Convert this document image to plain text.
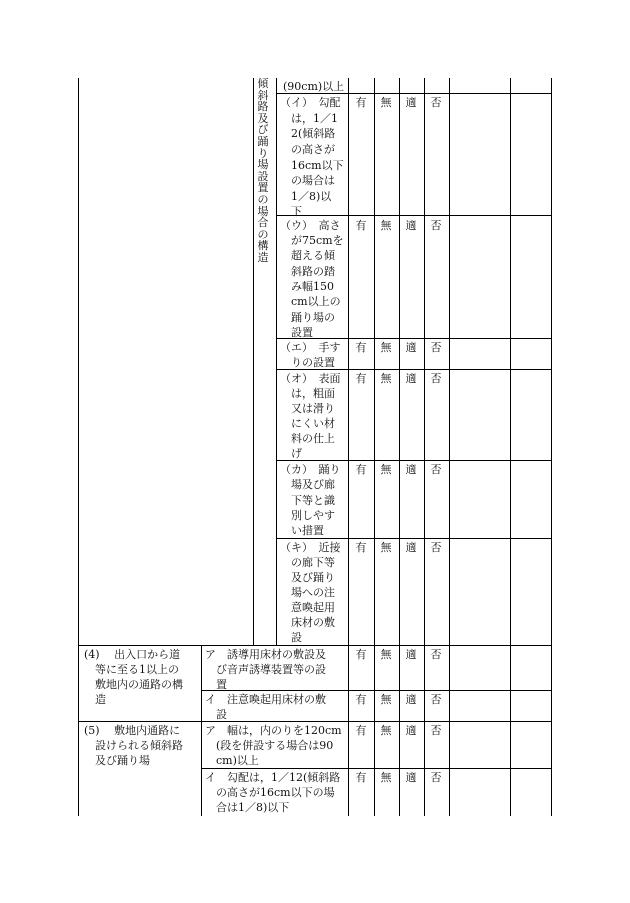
傾斜路及び踊り場設置の場合の構造
(90cm)以上
（イ）　勾配
　は，1／1
　2(傾斜路
　の高さが
　16cm以下
　の場合は
　1／8)以
　下
有	無	適	否
（ウ）　高さ
　が75cmを
　超える傾
　斜路の踏
　み幅150
　cm以上の
　踊り場の
　設置
有	無	適	否
（エ）　手す
　りの設置
有	無	適	否
（オ）　表面
　は，粗面
　又は滑り
　にくい材
　料の仕上
　げ
有	無	適	否
（カ）　踊り
　場及び廊
　下等と識
　別しやす
　い措置
有	無	適	否
（キ）　近接
　の廊下等
　及び踊り
　場への注
　意喚起用
　床材の敷
　設
有	無	適	否
(4)　 出入口から道
　等に至る1以上の
　敷地内の通路の構
　造
ア　誘導用床材の敷設及
　び音声誘導装置等の設
　置
有	無	適	否
イ　注意喚起用床材の敷
　設
有	無	適	否
(5)　 敷地内通路に
　設けられる傾斜路
　及び踊り場
ア　幅は，内のりを120cm
　(段を併設する場合は90
　cm)以上
有	無	適	否
イ　勾配は，1／12(傾斜路
　の高さが16cm以下の場
　合は1／8)以下
有	無	適	否
